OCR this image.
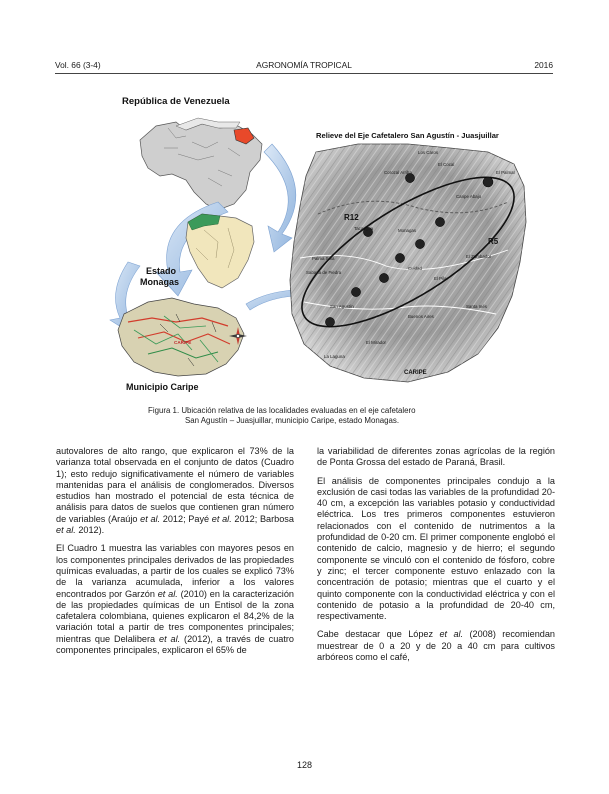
Vol. 66 (3-4)	AGRONOMÍA TROPICAL	2016
República de Venezuela
Estado
Monagas
CARIPE
Municipio Caripe
Relieve del Eje Cafetalero San Agustín - Juasjuillar
R12
R5
Los Caros
El Cocal
Corozal Arriba	El Palmar
Caripe Abajo
Monagas
Tacarigua
El Zumbador
Palma Sola
Sabana de Piedra
Cuidad
El Pilar
Buenos Aires
Santa Inés
San Agustín
La Laguna
El Mirador
CARIPE
Figura 1. Ubicación relativa de las localidades evaluadas en el eje cafetalero
San Agustín – Juasjuillar, municipio Caripe, estado Monagas.

autovalores de alto rango, que explicaron el 73% de la varianza total observada en el conjunto de datos (Cuadro 1); esto redujo significativamente el número de variables mantenidas para el análisis de conglomerados. Diversos estudios han mostrado el potencial de esta técnica de análisis para datos de suelos que contienen gran número de variables (Araújo et al. 2012; Payé et al. 2012; Barbosa et al. 2012).

El Cuadro 1 muestra las variables con mayores pesos en los componentes principales derivados de las propiedades químicas evaluadas, a partir de los cuales se explicó 73% de la varianza acumulada, inferior a los valores encontrados por Garzón et al. (2010) en la caracterización de las propiedades químicas de un Entisol de la zona cafetalera colombiana, quienes explicaron el 84,2% de la variación total a partir de tres componentes principales; mientras que Delalibera et al. (2012), a través de cuatro componentes principales, explicaron el 65% de

la variabilidad de diferentes zonas agrícolas de la región de Ponta Grossa del estado de Paraná, Brasil.

El análisis de componentes principales condujo a la exclusión de casi todas las variables de la profundidad 20-40 cm, a excepción las variables potasio y conductividad eléctrica. Los tres primeros componentes estuvieron relacionados con el contenido de nutrimentos a la profundidad de 0-20 cm. El primer componente englobó el contenido de calcio, magnesio y de hierro; el segundo componente se vinculó con el contenido de fósforo, cobre y zinc; el tercer componente estuvo enlazado con la concentración de potasio; mientras que el cuarto y el quinto componente con la conductividad eléctrica y con el contenido de potasio a la profundidad de 20-40 cm, respectivamente.

Cabe destacar que López et al. (2008) recomiendan muestrear de 0 a 20 y de 20 a 40 cm para cultivos arbóreos como el café,

128
